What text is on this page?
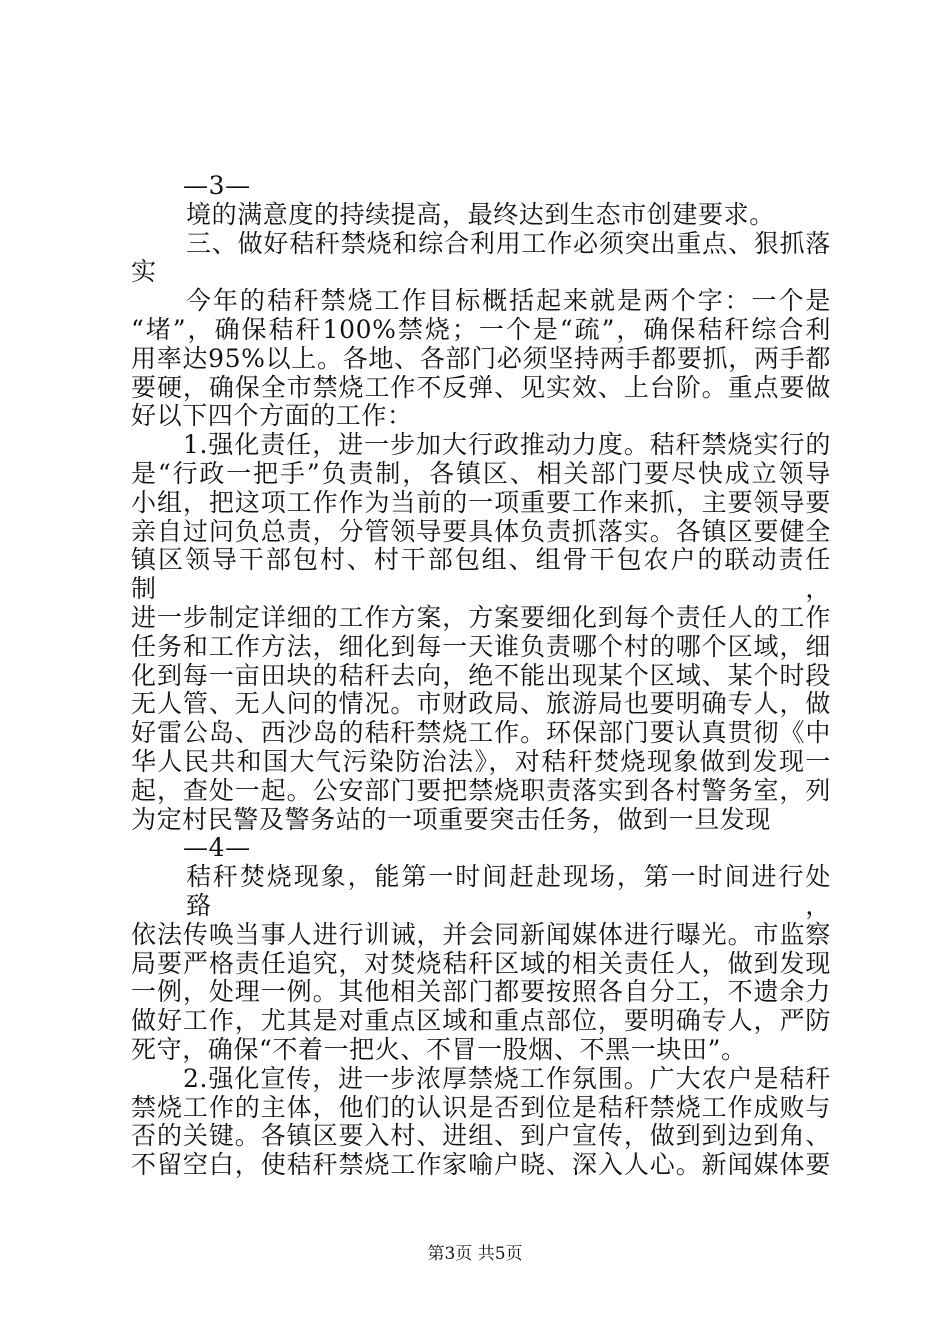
—3—
境的满意度的持续提高，最终达到生态市创建要求。
三、做好秸秆禁烧和综合利用工作必须突出重点、狠抓落
实
今年的秸秆禁烧工作目标概括起来就是两个字：一个是
“堵”，确保秸秆100%禁烧；一个是“疏”，确保秸秆综合利
用率达95%以上。各地、各部门必须坚持两手都要抓，两手都
要硬，确保全市禁烧工作不反弹、见实效、上台阶。重点要做
好以下四个方面的工作：
1.强化责任，进一步加大行政推动力度。秸秆禁烧实行的
是“行政一把手”负责制，各镇区、相关部门要尽快成立领导
小组，把这项工作作为当前的一项重要工作来抓，主要领导要
亲自过问负总责，分管领导要具体负责抓落实。各镇区要健全
镇区领导干部包村、村干部包组、组骨干包农户的联动责任制，
进一步制定详细的工作方案，方案要细化到每个责任人的工作
任务和工作方法，细化到每一天谁负责哪个村的哪个区域，细
化到每一亩田块的秸秆去向，绝不能出现某个区域、某个时段
无人管、无人问的情况。市财政局、旅游局也要明确专人，做
好雷公岛、西沙岛的秸秆禁烧工作。环保部门要认真贯彻《中
华人民共和国大气污染防治法》，对秸秆焚烧现象做到发现一
起，查处一起。公安部门要把禁烧职责落实到各村警务室，列
为定村民警及警务站的一项重要突击任务，做到一旦发现
—4—
秸秆焚烧现象，能第一时间赶赴现场，第一时间进行处臵，
依法传唤当事人进行训诫，并会同新闻媒体进行曝光。市监察
局要严格责任追究，对焚烧秸秆区域的相关责任人，做到发现
一例，处理一例。其他相关部门都要按照各自分工，不遗余力
做好工作，尤其是对重点区域和重点部位，要明确专人，严防
死守，确保“不着一把火、不冒一股烟、不黑一块田”。
2.强化宣传，进一步浓厚禁烧工作氛围。广大农户是秸秆
禁烧工作的主体，他们的认识是否到位是秸秆禁烧工作成败与
否的关键。各镇区要入村、进组、到户宣传，做到到边到角、
不留空白，使秸秆禁烧工作家喻户晓、深入人心。新闻媒体要
第3页 共5页
